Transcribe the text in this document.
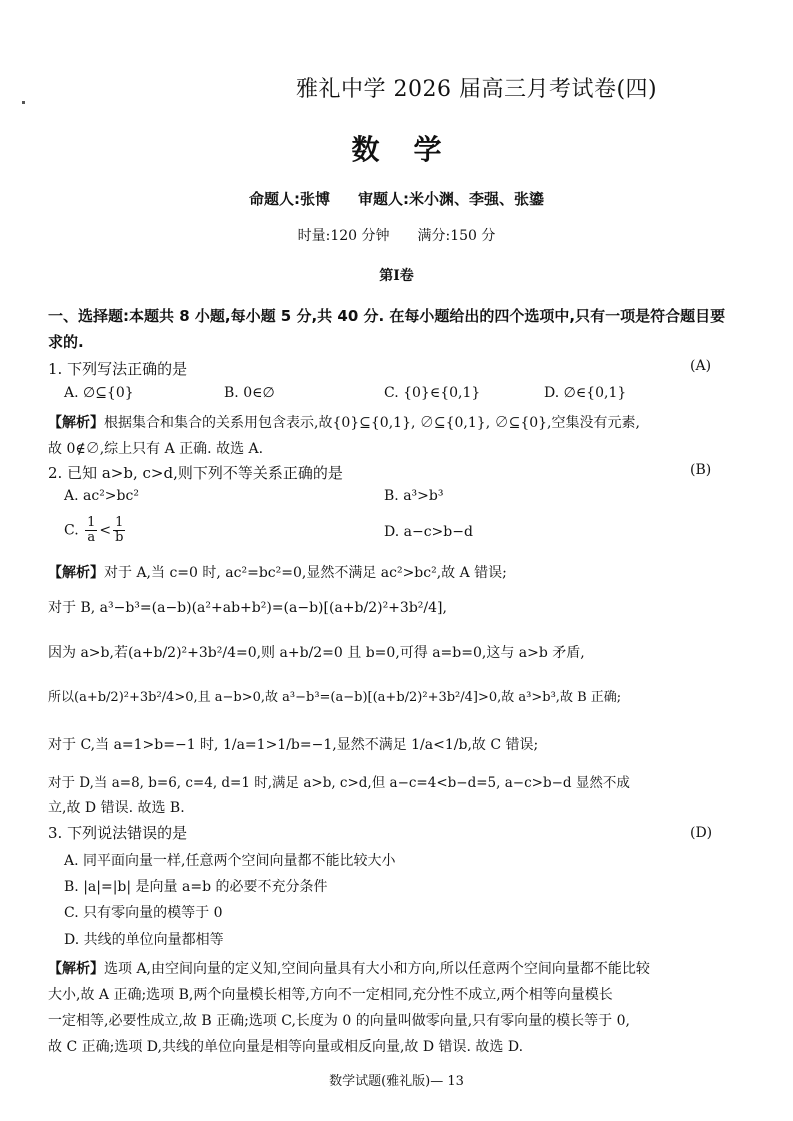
雅礼中学 2026 届高三月考试卷(四)
数学
命题人:张博 审题人:米小渊、李强、张鎏
时量:120 分钟 满分:150 分
第Ⅰ卷
一、选择题:本题共 8 小题,每小题 5 分,共 40 分. 在每小题给出的四个选项中,只有一项是符合题目要求的.
1. 下列写法正确的是	(A)
A. ∅⊆{0}	B. 0∈∅	C. {0}∈{0,1}	D. ∅∈{0,1}
【解析】根据集合和集合的关系用包含表示,故{0}⊆{0,1}, ∅⊆{0,1}, ∅⊆{0},空集没有元素,
故 0∉∅,综上只有 A 正确. 故选 A.
2. 已知 a>b, c>d,则下列不等关系正确的是	(B)
A. ac²>bc²	B. a³>b³
C. $\frac{1}{a} < \frac{1}{b}$	D. a−c>b−d
【解析】对于 A,当 c=0 时, ac²=bc²=0,显然不满足 ac²>bc²,故 A 错误;
对于 B, a³−b³=(a−b)(a²+ab+b²)=(a−b)[(a+b/2)²+3b²/4],
因为 a>b,若(a+b/2)²+3b²/4=0,则 a+b/2=0 且 b=0,可得 a=b=0,这与 a>b 矛盾,
所以(a+b/2)²+3b²/4>0,且 a−b>0,故 a³−b³=(a−b)[(a+b/2)²+3b²/4]>0,故 a³>b³,故 B 正确;
对于 C,当 a=1>b=−1 时, 1/a=1>1/b=−1,显然不满足 1/a<1/b,故 C 错误;
对于 D,当 a=8, b=6, c=4, d=1 时,满足 a>b, c>d,但 a−c=4<b−d=5, a−c>b−d 显然不成
立,故 D 错误. 故选 B.
3. 下列说法错误的是	(D)
A. 同平面向量一样,任意两个空间向量都不能比较大小
B. |a|=|b| 是向量 a=b 的必要不充分条件
C. 只有零向量的模等于 0
D. 共线的单位向量都相等
【解析】选项 A,由空间向量的定义知,空间向量具有大小和方向,所以任意两个空间向量都不能比较
大小,故 A 正确;选项 B,两个向量模长相等,方向不一定相同,充分性不成立,两个相等向量模长
一定相等,必要性成立,故 B 正确;选项 C,长度为 0 的向量叫做零向量,只有零向量的模长等于 0,
故 C 正确;选项 D,共线的单位向量是相等向量或相反向量,故 D 错误. 故选 D.
数学试题(雅礼版)— 13
